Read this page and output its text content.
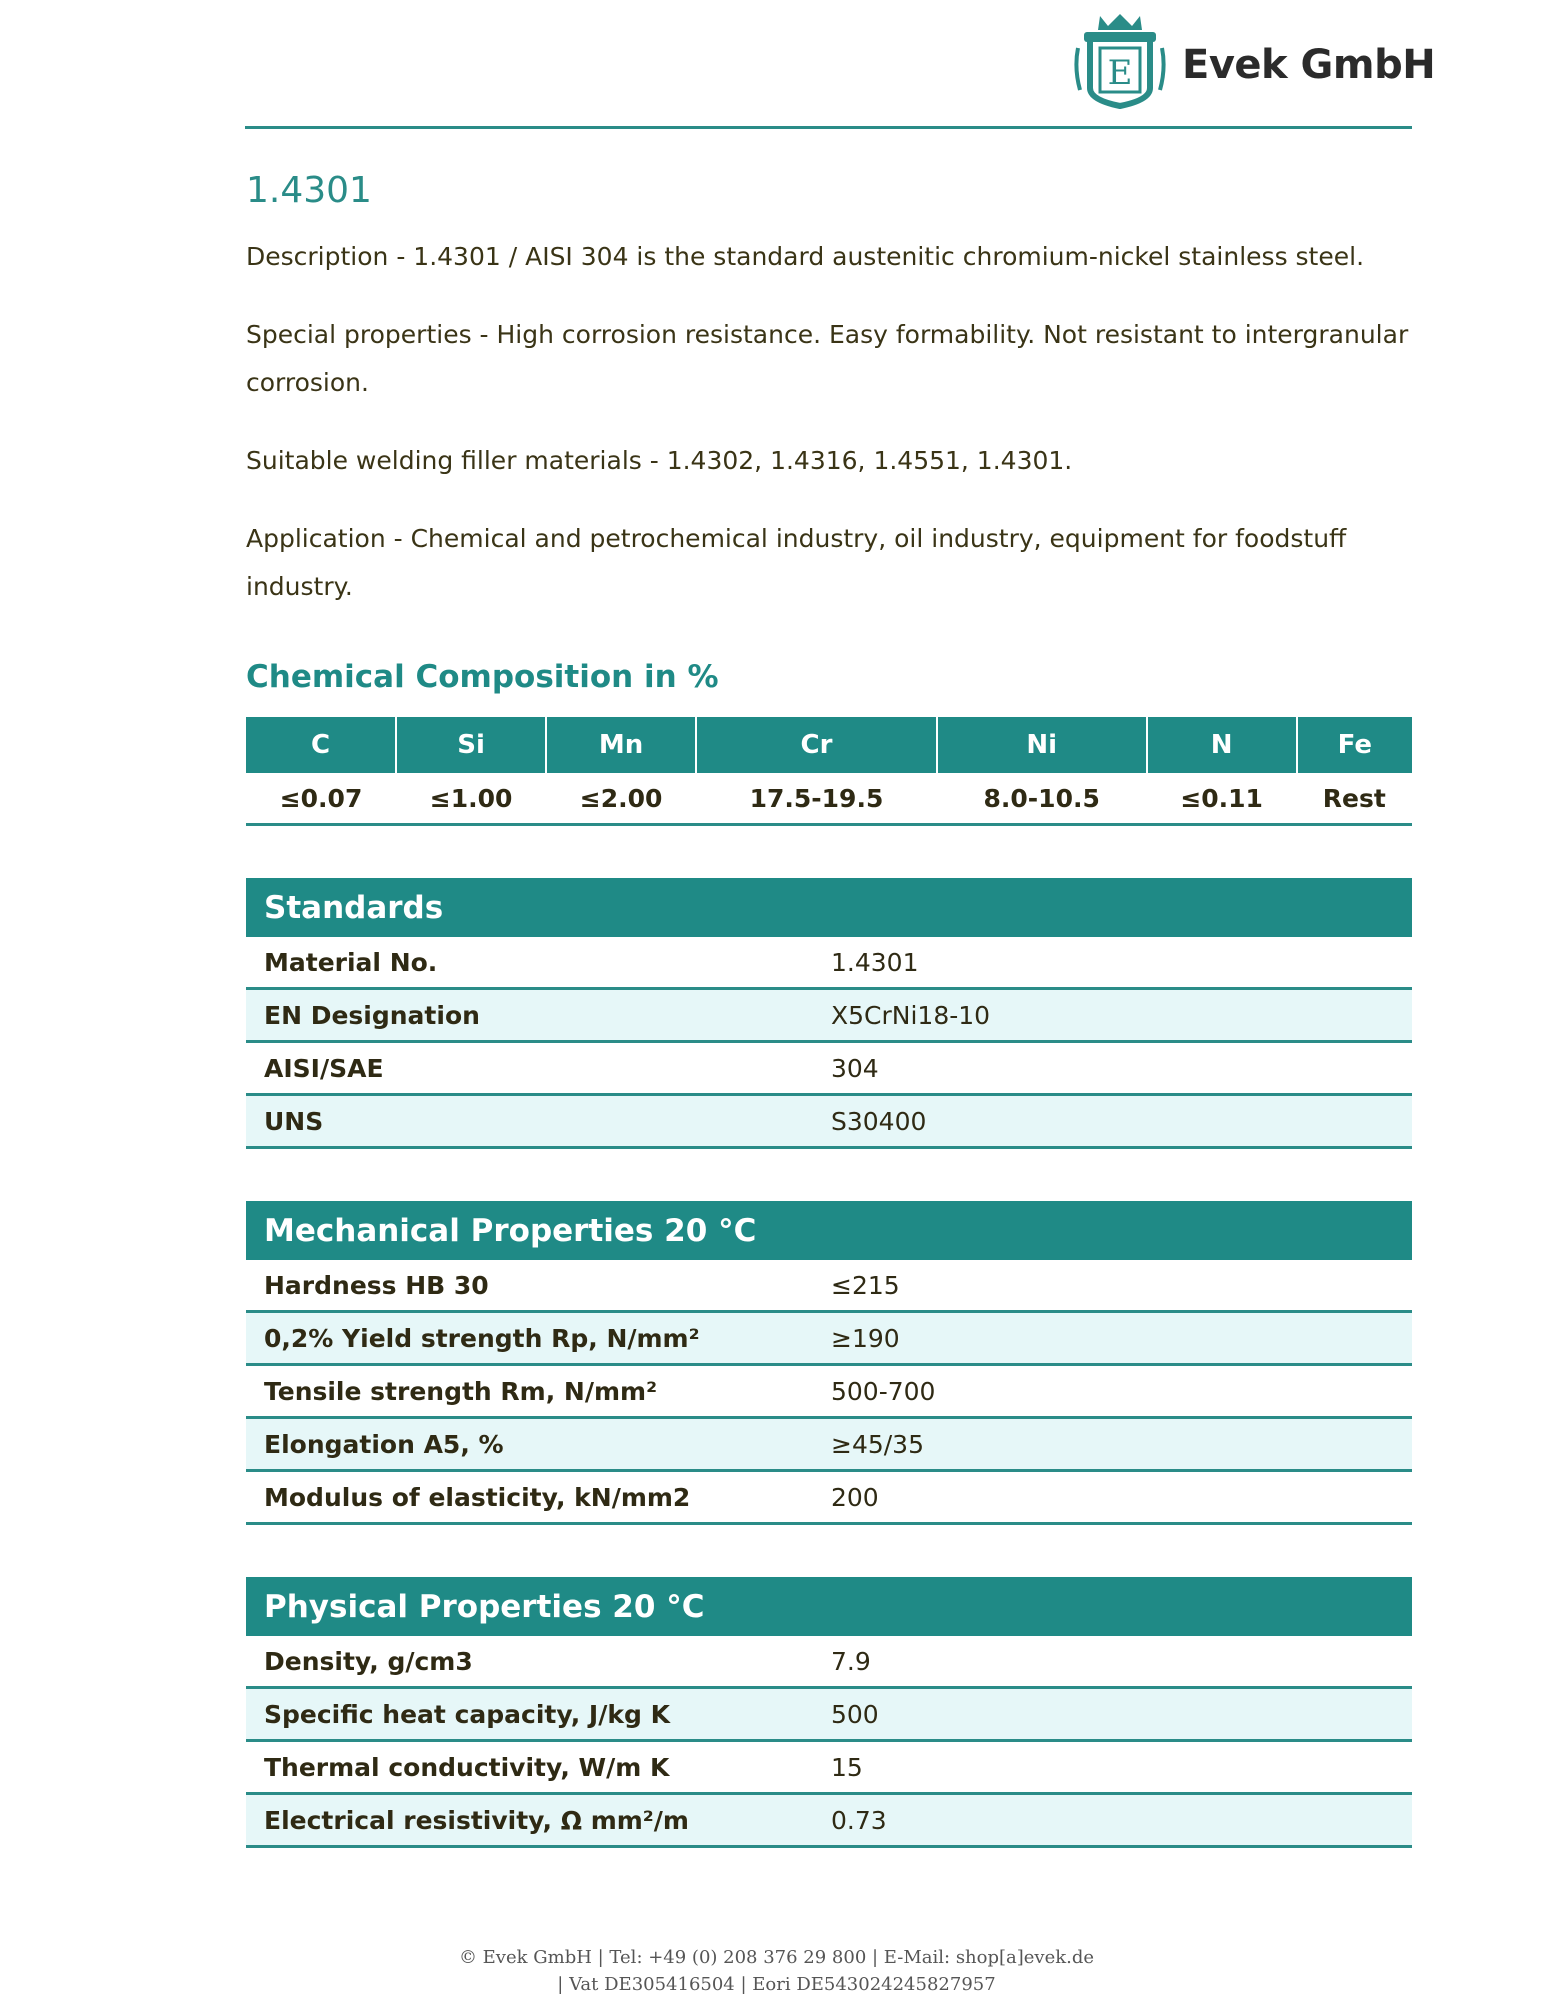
E Evek GmbH
1.4301

Description - 1.4301 / AISI 304 is the standard austenitic chromium-nickel stainless steel.

Special properties - High corrosion resistance. Easy formability. Not resistant to intergranular corrosion.

Suitable welding filler materials - 1.4302, 1.4316, 1.4551, 1.4301.

Application - Chemical and petrochemical industry, oil industry, equipment for foodstuff industry.

Chemical Composition in %
C	Si	Mn	Cr	Ni	N	Fe
≤0.07	≤1.00	≤2.00	17.5-19.5	8.0-10.5	≤0.11	Rest
Standards	
Material No.	1.4301
EN Designation	X5CrNi18-10
AISI/SAE	304
UNS	S30400
Mechanical Properties 20 °C	
Hardness HB 30	≤215
0,2% Yield strength Rp, N/mm²	≥190
Tensile strength Rm, N/mm²	500-700
Elongation A5, %	≥45/35
Modulus of elasticity, kN/mm2	200
Physical Properties 20 °C	
Density, g/cm3	7.9
Specific heat capacity, J/kg K	500
Thermal conductivity, W/m K	15
Electrical resistivity, Ω mm²/m	0.73
© Evek GmbH | Tel: +49 (0) 208 376 29 800 | E-Mail: shop[a]evek.de
| Vat DE305416504 | Eori DE543024245827957
